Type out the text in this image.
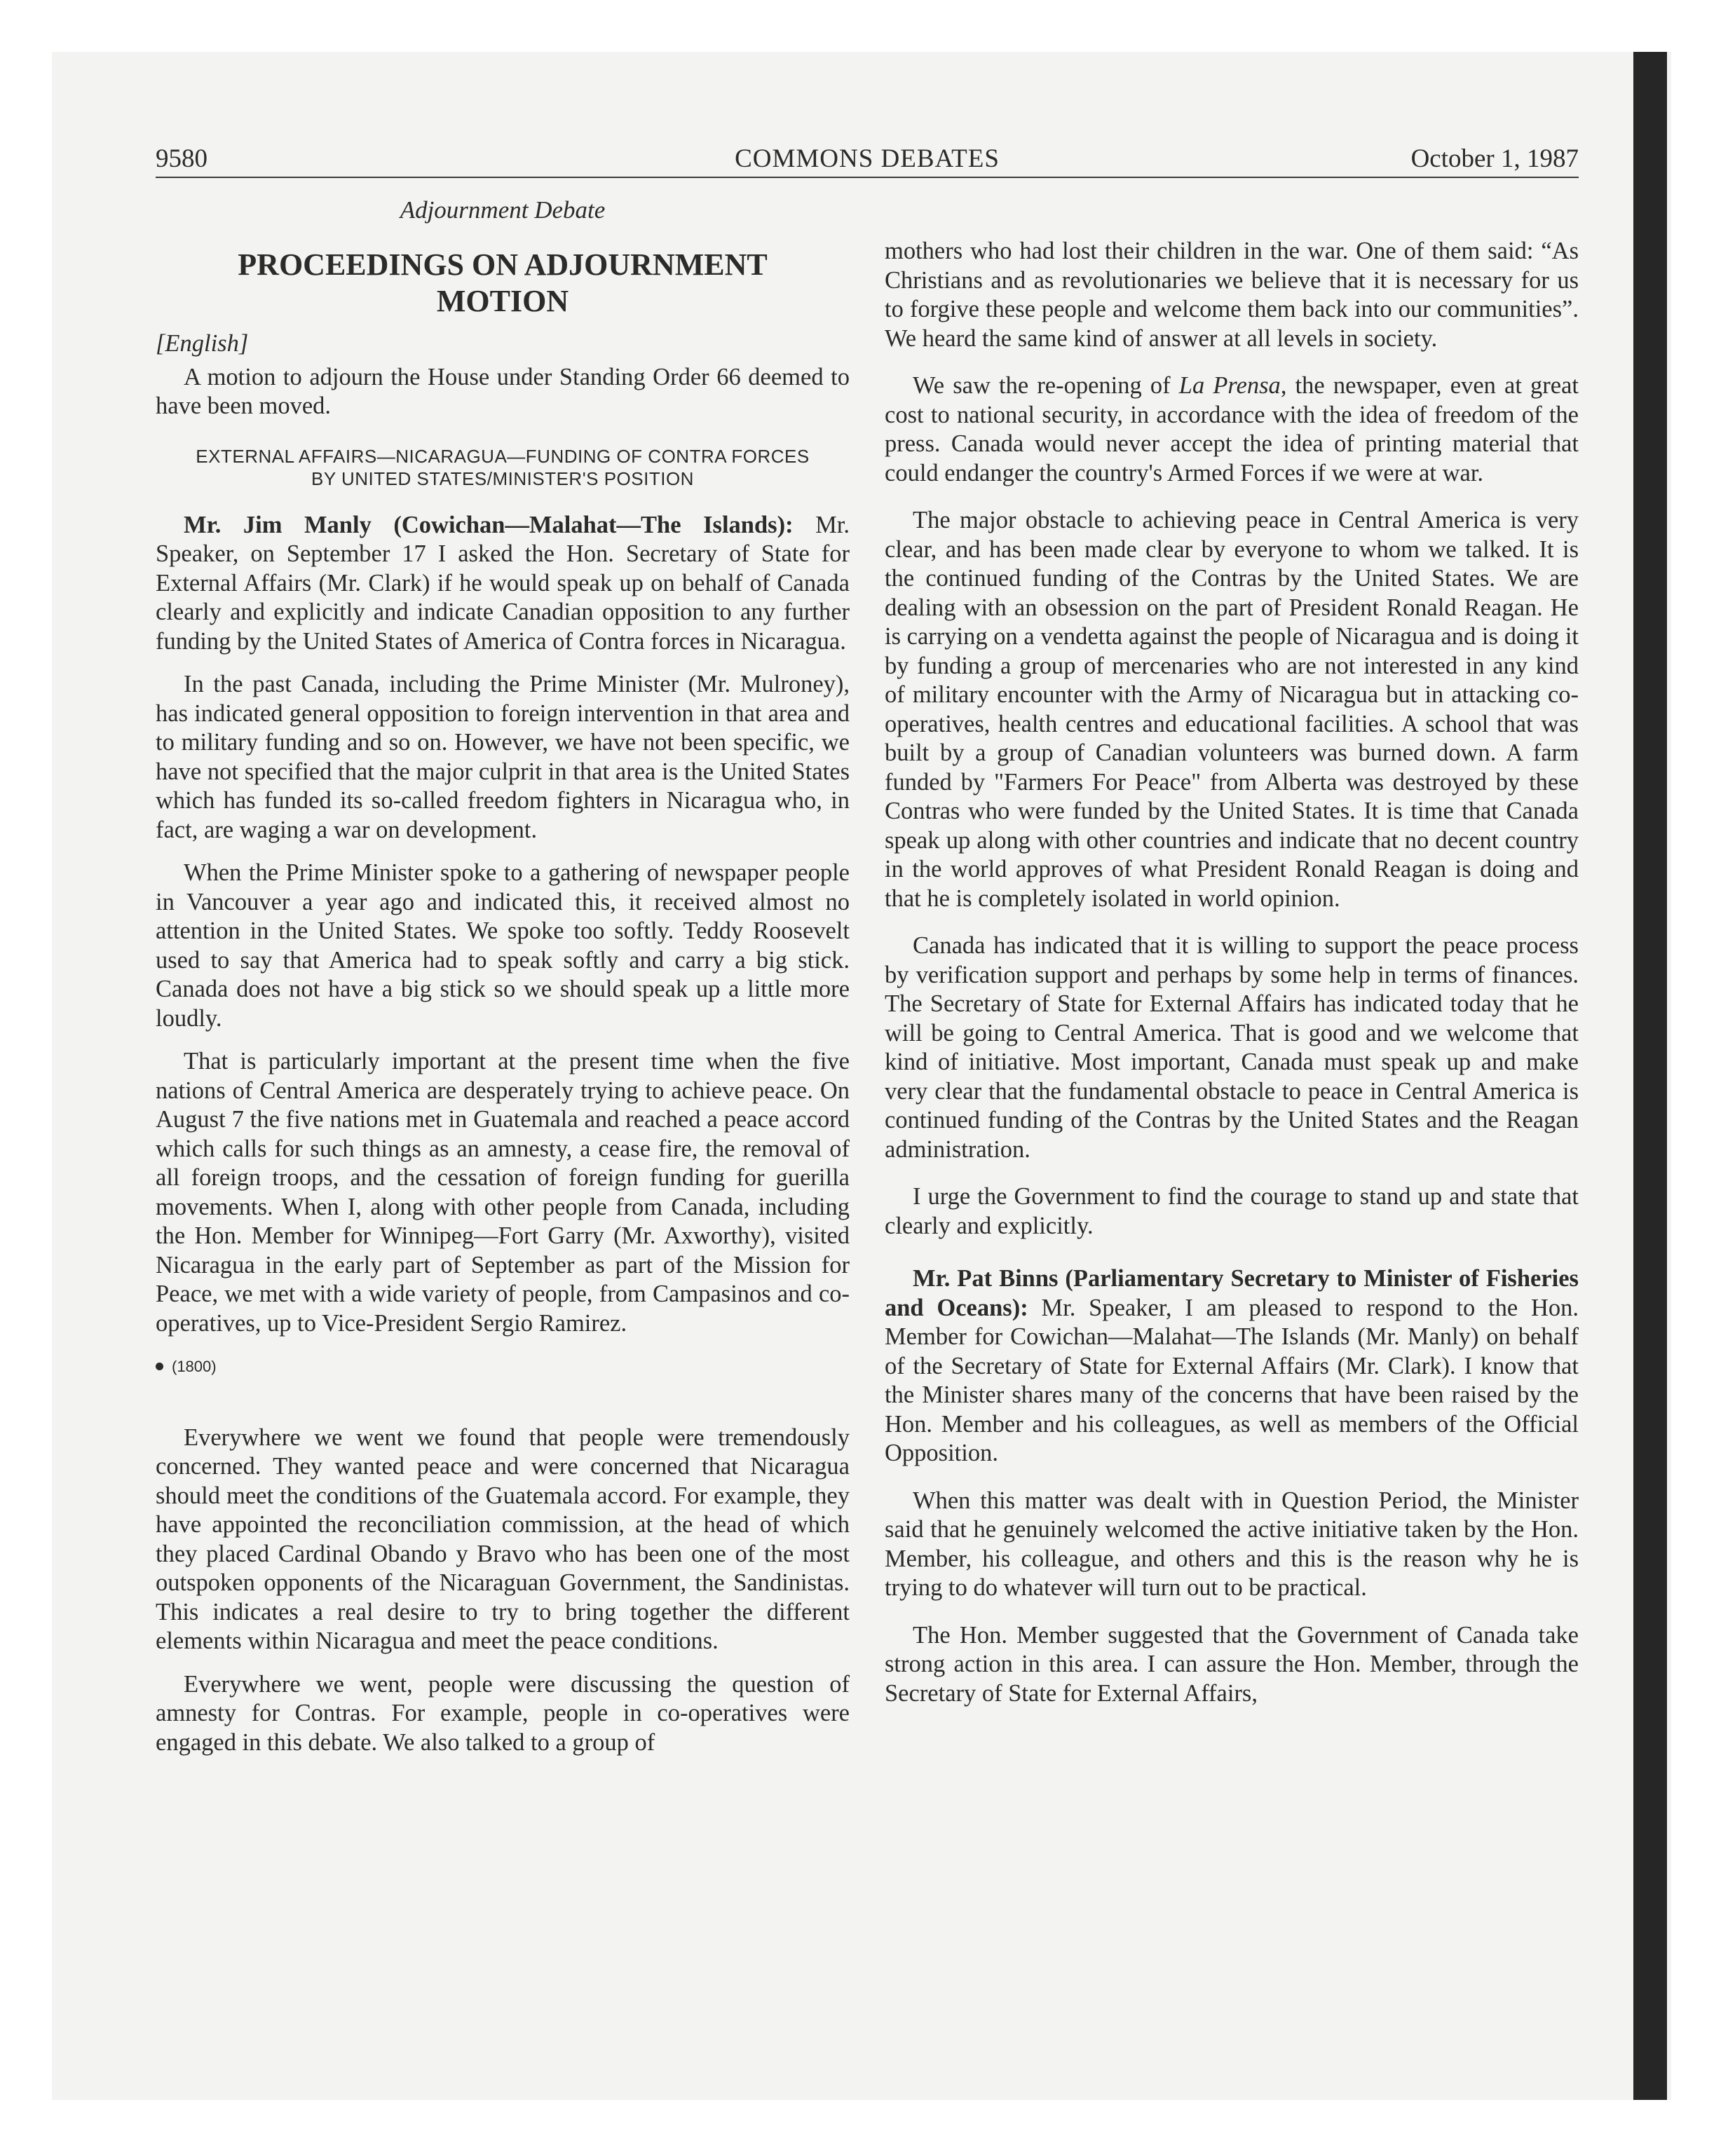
9580	COMMONS DEBATES	October 1, 1987
Adjournment Debate
PROCEEDINGS ON ADJOURNMENT MOTION
[English]

A motion to adjourn the House under Standing Order 66 deemed to have been moved.

EXTERNAL AFFAIRS—NICARAGUA—FUNDING OF CONTRA FORCES BY UNITED STATES/MINISTER'S POSITION

Mr. Jim Manly (Cowichan—Malahat—The Islands): Mr. Speaker, on September 17 I asked the Hon. Secretary of State for External Affairs (Mr. Clark) if he would speak up on behalf of Canada clearly and explicitly and indicate Canadian opposition to any further funding by the United States of America of Contra forces in Nicaragua.

In the past Canada, including the Prime Minister (Mr. Mulroney), has indicated general opposition to foreign intervention in that area and to military funding and so on. However, we have not been specific, we have not specified that the major culprit in that area is the United States which has funded its so-called freedom fighters in Nicaragua who, in fact, are waging a war on development.

When the Prime Minister spoke to a gathering of newspaper people in Vancouver a year ago and indicated this, it received almost no attention in the United States. We spoke too softly. Teddy Roosevelt used to say that America had to speak softly and carry a big stick. Canada does not have a big stick so we should speak up a little more loudly.

That is particularly important at the present time when the five nations of Central America are desperately trying to achieve peace. On August 7 the five nations met in Guatemala and reached a peace accord which calls for such things as an amnesty, a cease fire, the removal of all foreign troops, and the cessation of foreign funding for guerilla movements. When I, along with other people from Canada, including the Hon. Member for Winnipeg—Fort Garry (Mr. Axworthy), visited Nicaragua in the early part of September as part of the Mission for Peace, we met with a wide variety of people, from Campasinos and co-operatives, up to Vice-President Sergio Ramirez.

(1800)

Everywhere we went we found that people were tremendously concerned. They wanted peace and were concerned that Nicaragua should meet the conditions of the Guatemala accord. For example, they have appointed the reconciliation commission, at the head of which they placed Cardinal Obando y Bravo who has been one of the most outspoken opponents of the Nicaraguan Government, the Sandinistas. This indicates a real desire to try to bring together the different elements within Nicaragua and meet the peace conditions.

Everywhere we went, people were discussing the question of amnesty for Contras. For example, people in co-operatives were engaged in this debate. We also talked to a group of

mothers who had lost their children in the war. One of them said: “As Christians and as revolutionaries we believe that it is necessary for us to forgive these people and welcome them back into our communities”. We heard the same kind of answer at all levels in society.

We saw the re-opening of La Prensa, the newspaper, even at great cost to national security, in accordance with the idea of freedom of the press. Canada would never accept the idea of printing material that could endanger the country's Armed Forces if we were at war.

The major obstacle to achieving peace in Central America is very clear, and has been made clear by everyone to whom we talked. It is the continued funding of the Contras by the United States. We are dealing with an obsession on the part of President Ronald Reagan. He is carrying on a vendetta against the people of Nicaragua and is doing it by funding a group of mercenaries who are not interested in any kind of military encounter with the Army of Nicaragua but in attacking co-operatives, health centres and educational facilities. A school that was built by a group of Canadian volunteers was burned down. A farm funded by "Farmers For Peace" from Alberta was destroyed by these Contras who were funded by the United States. It is time that Canada speak up along with other countries and indicate that no decent country in the world approves of what President Ronald Reagan is doing and that he is completely isolated in world opinion.

Canada has indicated that it is willing to support the peace process by verification support and perhaps by some help in terms of finances. The Secretary of State for External Affairs has indicated today that he will be going to Central America. That is good and we welcome that kind of initiative. Most important, Canada must speak up and make very clear that the fundamental obstacle to peace in Central America is continued funding of the Contras by the United States and the Reagan administration.

I urge the Government to find the courage to stand up and state that clearly and explicitly.

Mr. Pat Binns (Parliamentary Secretary to Minister of Fisheries and Oceans): Mr. Speaker, I am pleased to respond to the Hon. Member for Cowichan—Malahat—The Islands (Mr. Manly) on behalf of the Secretary of State for External Affairs (Mr. Clark). I know that the Minister shares many of the concerns that have been raised by the Hon. Member and his colleagues, as well as members of the Official Opposition.

When this matter was dealt with in Question Period, the Minister said that he genuinely welcomed the active initiative taken by the Hon. Member, his colleague, and others and this is the reason why he is trying to do whatever will turn out to be practical.

The Hon. Member suggested that the Government of Canada take strong action in this area. I can assure the Hon. Member, through the Secretary of State for External Affairs,
